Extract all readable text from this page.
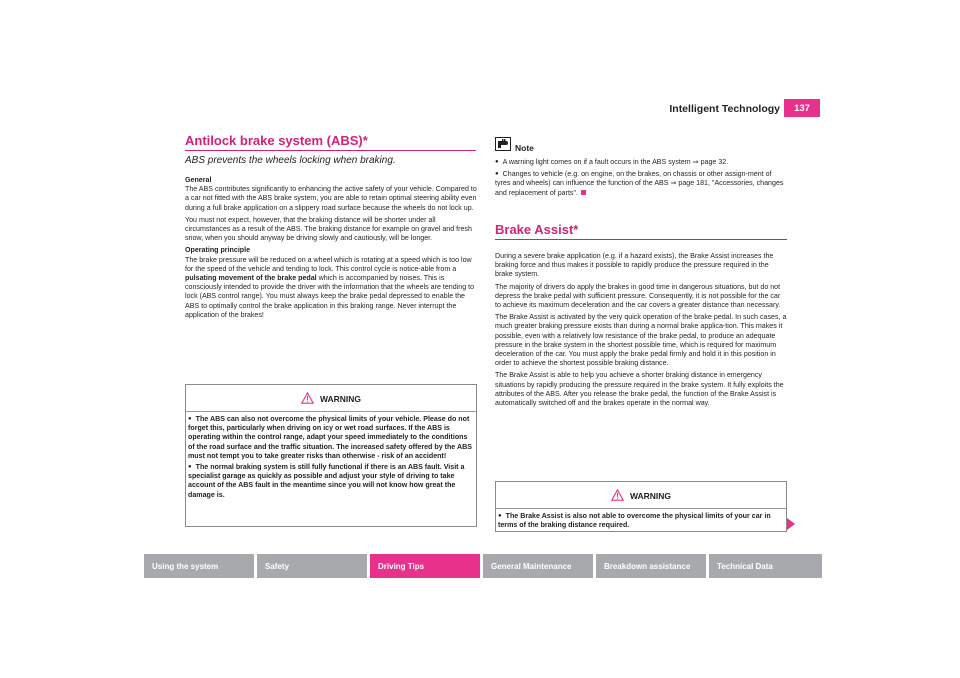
Intelligent Technology	137
Antilock brake system (ABS)*
ABS prevents the wheels locking when braking.

General

The ABS contributes significantly to enhancing the active safety of your vehicle. Compared to a car not fitted with the ABS brake system, you are able to retain optimal steering ability even during a full brake application on a slippery road surface because the wheels do not lock up.

You must not expect, however, that the braking distance will be shorter under all circumstances as a result of the ABS. The braking distance for example on gravel and fresh snow, when you should anyway be driving slowly and cautiously, will be longer.

Operating principle

The brake pressure will be reduced on a wheel which is rotating at a speed which is too low for the speed of the vehicle and tending to lock. This control cycle is notice-able from a pulsating movement of the brake pedal which is accompanied by noises. This is consciously intended to provide the driver with the information that the wheels are tending to lock (ABS control range). You must always keep the brake pedal depressed to enable the ABS to optimally control the brake application in this braking range. Never interrupt the application of the brakes!

WARNING

● The ABS can also not overcome the physical limits of your vehicle. Please do not forget this, particularly when driving on icy or wet road surfaces. If the ABS is operating within the control range, adapt your speed immediately to the conditions of the road surface and the traffic situation. The increased safety offered by the ABS must not tempt you to take greater risks than otherwise - risk of an accident!

● The normal braking system is still fully functional if there is an ABS fault. Visit a specialist garage as quickly as possible and adjust your style of driving to take account of the ABS fault in the meantime since you will not know how great the damage is.

Note

● A warning light comes on if a fault occurs in the ABS system ⇒ page 32.

● Changes to vehicle (e.g. on engine, on the brakes, on chassis or other assign-ment of tyres and wheels) can influence the function of the ABS ⇒ page 181, "Accessories, changes and replacement of parts".

Brake Assist*

During a severe brake application (e.g. if a hazard exists), the Brake Assist increases the braking force and thus makes it possible to rapidly produce the pressure required in the brake system.

The majority of drivers do apply the brakes in good time in dangerous situations, but do not depress the brake pedal with sufficient pressure. Consequently, it is not possible for the car to achieve its maximum deceleration and the car covers a greater distance than necessary.

The Brake Assist is activated by the very quick operation of the brake pedal. In such cases, a much greater braking pressure exists than during a normal brake applica-tion. This makes it possible, even with a relatively low resistance of the brake pedal, to produce an adequate pressure in the brake system in the shortest possible time, which is required for maximum deceleration of the car. You must apply the brake pedal firmly and hold it in this position in order to achieve the shortest possible braking distance.

The Brake Assist is able to help you achieve a shorter braking distance in emergency situations by rapidly producing the pressure required in the brake system. It fully exploits the attributes of the ABS. After you release the brake pedal, the function of the Brake Assist is automatically switched off and the brakes operate in the normal way.

WARNING

● The Brake Assist is also not able to overcome the physical limits of your car in terms of the braking distance required.

Using the system	Safety	Driving Tips	General Maintenance	Breakdown assistance	Technical Data
